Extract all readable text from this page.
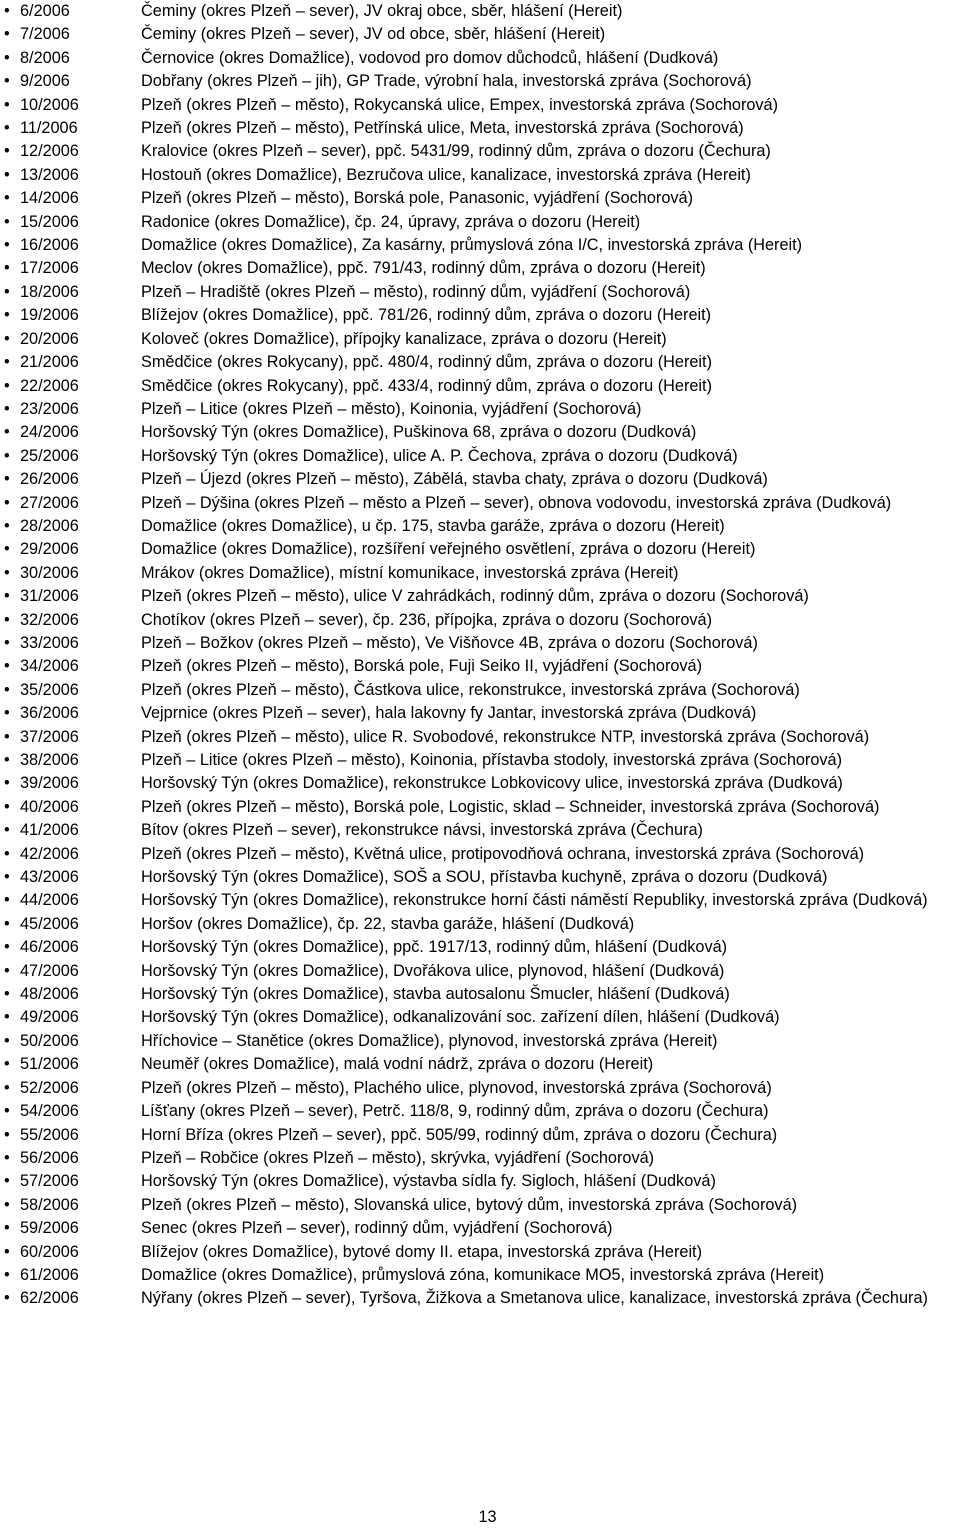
• 6/2006	Čeminy (okres Plzeň – sever), JV okraj obce, sběr, hlášení (Hereit)
• 7/2006	Čeminy (okres Plzeň – sever), JV od obce, sběr, hlášení (Hereit)
• 8/2006	Černovice (okres Domažlice), vodovod pro domov důchodců, hlášení (Dudková)
• 9/2006	Dobřany (okres Plzeň – jih), GP Trade, výrobní hala, investorská zpráva (Sochorová)
• 10/2006	Plzeň (okres Plzeň – město), Rokycanská ulice, Empex, investorská zpráva (Sochorová)
• 11/2006	Plzeň (okres Plzeň – město), Petřínská ulice, Meta, investorská zpráva (Sochorová)
• 12/2006	Kralovice (okres Plzeň – sever), ppč. 5431/99, rodinný dům, zpráva o dozoru (Čechura)
• 13/2006	Hostouň (okres Domažlice), Bezručova ulice, kanalizace, investorská zpráva (Hereit)
• 14/2006	Plzeň (okres Plzeň – město), Borská pole, Panasonic, vyjádření (Sochorová)
• 15/2006	Radonice (okres Domažlice), čp. 24, úpravy, zpráva o dozoru (Hereit)
• 16/2006	Domažlice (okres Domažlice), Za kasárny, průmyslová zóna I/C, investorská zpráva (Hereit)
• 17/2006	Meclov (okres Domažlice), ppč. 791/43, rodinný dům, zpráva o dozoru (Hereit)
• 18/2006	Plzeň – Hradiště (okres Plzeň – město), rodinný dům, vyjádření (Sochorová)
• 19/2006	Blížejov (okres Domažlice), ppč. 781/26, rodinný dům, zpráva o dozoru (Hereit)
• 20/2006	Koloveč (okres Domažlice), přípojky kanalizace, zpráva o dozoru (Hereit)
• 21/2006	Smědčice (okres Rokycany), ppč. 480/4, rodinný dům, zpráva o dozoru (Hereit)
• 22/2006	Smědčice (okres Rokycany), ppč. 433/4, rodinný dům, zpráva o dozoru (Hereit)
• 23/2006	Plzeň – Litice (okres Plzeň – město), Koinonia, vyjádření (Sochorová)
• 24/2006	Horšovský Týn (okres Domažlice), Puškinova 68, zpráva o dozoru (Dudková)
• 25/2006	Horšovský Týn (okres Domažlice), ulice A. P. Čechova, zpráva o dozoru (Dudková)
• 26/2006	Plzeň – Újezd (okres Plzeň – město), Zábělá, stavba chaty, zpráva o dozoru (Dudková)
• 27/2006	Plzeň – Dýšina (okres Plzeň – město a Plzeň – sever), obnova vodovodu, investorská zpráva (Dudková)
• 28/2006	Domažlice (okres Domažlice), u čp. 175, stavba garáže, zpráva o dozoru (Hereit)
• 29/2006	Domažlice (okres Domažlice), rozšíření veřejného osvětlení, zpráva o dozoru (Hereit)
• 30/2006	Mrákov (okres Domažlice), místní komunikace, investorská zpráva (Hereit)
• 31/2006	Plzeň (okres Plzeň – město), ulice V zahrádkách, rodinný dům, zpráva o dozoru (Sochorová)
• 32/2006	Chotíkov (okres Plzeň – sever), čp. 236, přípojka, zpráva o dozoru (Sochorová)
• 33/2006	Plzeň – Božkov (okres Plzeň – město), Ve Višňovce 4B, zpráva o dozoru (Sochorová)
• 34/2006	Plzeň (okres Plzeň – město), Borská pole, Fuji Seiko II, vyjádření (Sochorová)
• 35/2006	Plzeň (okres Plzeň – město), Částkova ulice, rekonstrukce, investorská zpráva (Sochorová)
• 36/2006	Vejprnice (okres Plzeň – sever), hala lakovny fy Jantar, investorská zpráva (Dudková)
• 37/2006	Plzeň (okres Plzeň – město), ulice R. Svobodové, rekonstrukce NTP, investorská zpráva (Sochorová)
• 38/2006	Plzeň – Litice (okres Plzeň – město), Koinonia, přístavba stodoly, investorská zpráva (Sochorová)
• 39/2006	Horšovský Týn (okres Domažlice), rekonstrukce Lobkovicovy ulice, investorská zpráva (Dudková)
• 40/2006	Plzeň (okres Plzeň – město), Borská pole, Logistic, sklad – Schneider, investorská zpráva (Sochorová)
• 41/2006	Bítov (okres Plzeň – sever), rekonstrukce návsi, investorská zpráva (Čechura)
• 42/2006	Plzeň (okres Plzeň – město), Květná ulice, protipovodňová ochrana, investorská zpráva (Sochorová)
• 43/2006	Horšovský Týn (okres Domažlice), SOŠ a SOU, přístavba kuchyně, zpráva o dozoru (Dudková)
• 44/2006	Horšovský Týn (okres Domažlice), rekonstrukce horní části náměstí Republiky, investorská zpráva (Dudková)
• 45/2006	Horšov (okres Domažlice), čp. 22, stavba garáže, hlášení (Dudková)
• 46/2006	Horšovský Týn (okres Domažlice), ppč. 1917/13, rodinný dům, hlášení (Dudková)
• 47/2006	Horšovský Týn (okres Domažlice), Dvořákova ulice, plynovod, hlášení (Dudková)
• 48/2006	Horšovský Týn (okres Domažlice), stavba autosalonu Šmucler, hlášení (Dudková)
• 49/2006	Horšovský Týn (okres Domažlice), odkanalizování soc. zařízení dílen, hlášení (Dudková)
• 50/2006	Hříchovice – Stanětice (okres Domažlice), plynovod, investorská zpráva (Hereit)
• 51/2006	Neuměř (okres Domažlice), malá vodní nádrž, zpráva o dozoru (Hereit)
• 52/2006	Plzeň (okres Plzeň – město), Plachého ulice, plynovod, investorská zpráva (Sochorová)
• 54/2006	Líšťany (okres Plzeň – sever), Petrč. 118/8, 9, rodinný dům, zpráva o dozoru (Čechura)
• 55/2006	Horní Bříza (okres Plzeň – sever), ppč. 505/99, rodinný dům, zpráva o dozoru (Čechura)
• 56/2006	Plzeň – Robčice (okres Plzeň – město), skrývka, vyjádření (Sochorová)
• 57/2006	Horšovský Týn (okres Domažlice), výstavba sídla fy. Sigloch, hlášení (Dudková)
• 58/2006	Plzeň (okres Plzeň – město), Slovanská ulice, bytový dům, investorská zpráva (Sochorová)
• 59/2006	Senec (okres Plzeň – sever), rodinný dům, vyjádření (Sochorová)
• 60/2006	Blížejov (okres Domažlice), bytové domy II. etapa, investorská zpráva (Hereit)
• 61/2006	Domažlice (okres Domažlice), průmyslová zóna, komunikace MO5, investorská zpráva (Hereit)
• 62/2006	Nýřany (okres Plzeň – sever), Tyršova, Žižkova a Smetanova ulice, kanalizace, investorská zpráva (Čechura)
13
